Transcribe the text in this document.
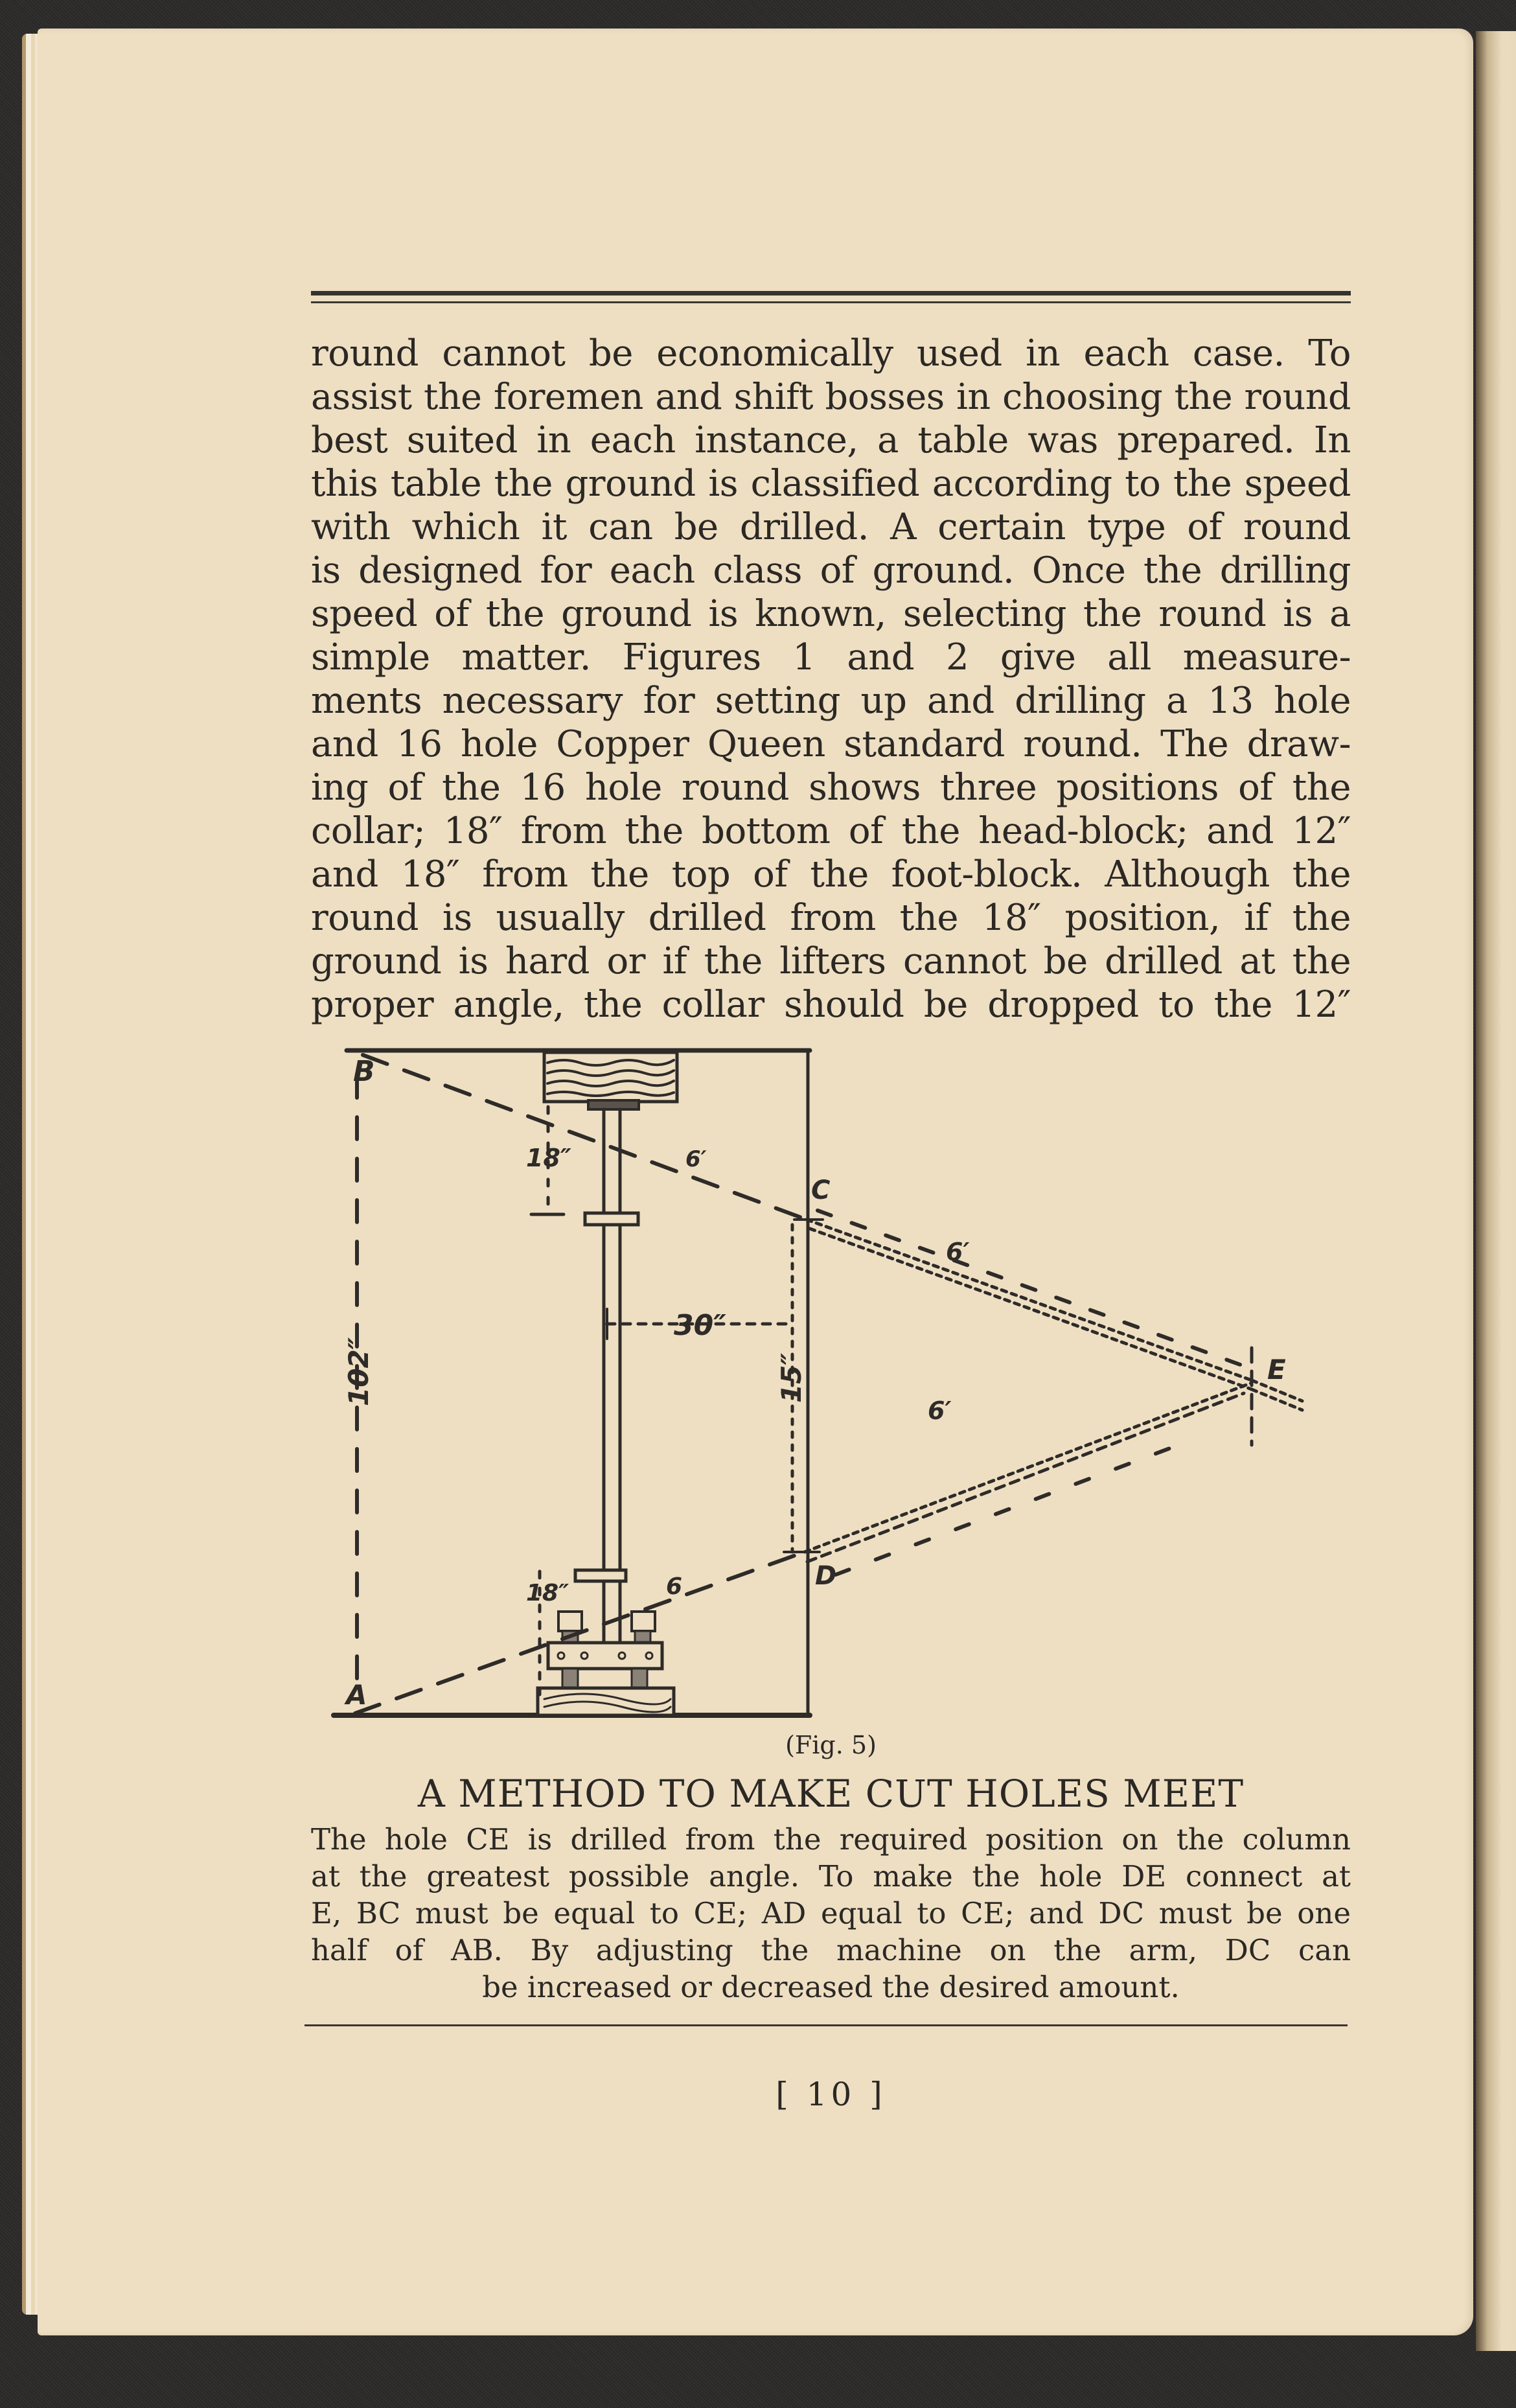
round cannot be economically used in each case. To
assist the foremen and shift bosses in choosing the round
best suited in each instance, a table was prepared. In
this table the ground is classified according to the speed
with which it can be drilled. A certain type of round
is designed for each class of ground. Once the drilling
speed of the ground is known, selecting the round is a
simple matter. Figures 1 and 2 give all measure-
ments necessary for setting up and drilling a 13 hole
and 16 hole Copper Queen standard round. The draw-
ing of the 16 hole round shows three positions of the
collar; 18″ from the bottom of the head-block; and 12″
and 18″ from the top of the foot-block. Although the
round is usually drilled from the 18″ position, if the
ground is hard or if the lifters cannot be drilled at the
proper angle, the collar should be dropped to the 12″
B
A
C
D
E
18″
18″
30″
15″
102″
6′
6′
6′
6
(Fig. 5)
A METHOD TO MAKE CUT HOLES MEET
The hole CE is drilled from the required position on the column
at the greatest possible angle. To make the hole DE connect at
E, BC must be equal to CE; AD equal to CE; and DC must be one
half of AB. By adjusting the machine on the arm, DC can
be increased or decreased the desired amount.
[ 10 ]
